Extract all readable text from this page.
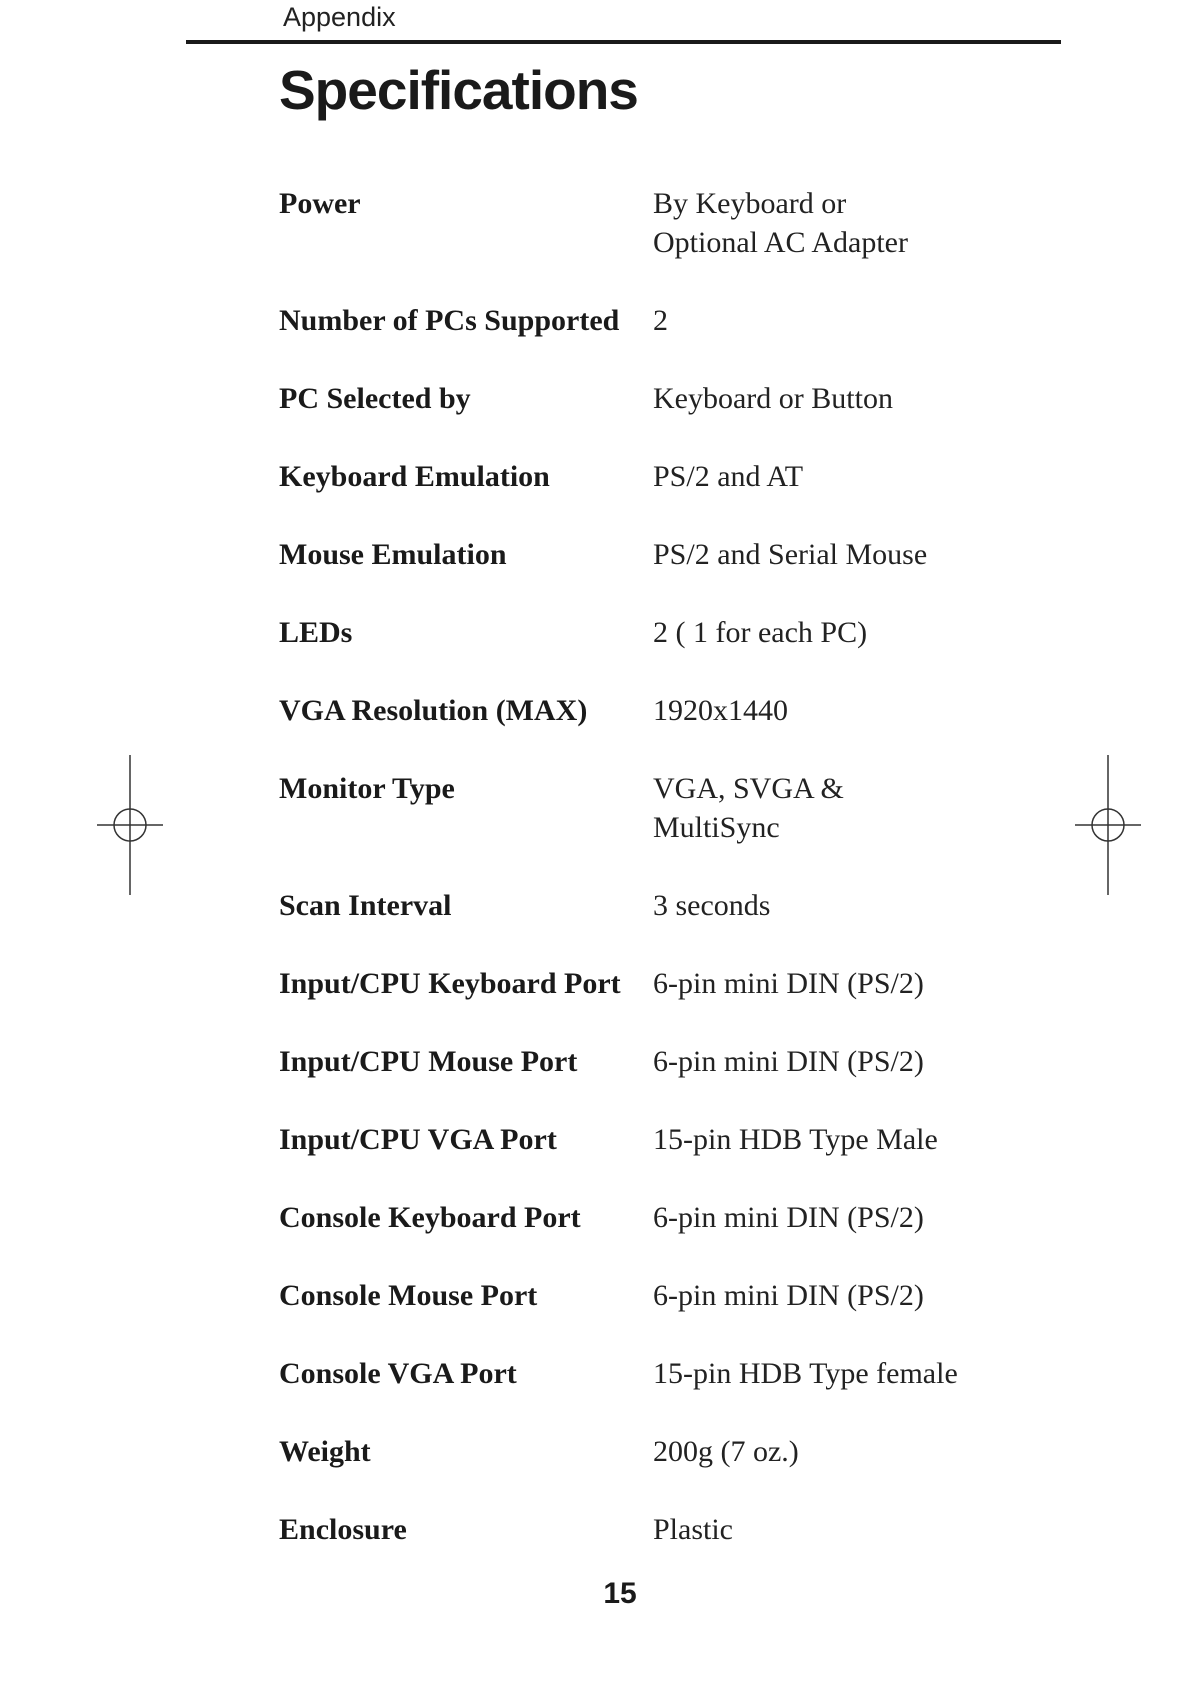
Appendix
Specifications
Power	By Keyboard or
Optional AC Adapter
Number of PCs Supported 2
PC Selected by	Keyboard or Button
Keyboard Emulation	PS/2 and AT
Mouse Emulation	PS/2 and Serial Mouse
LEDs	2 ( 1 for each PC)
VGA Resolution (MAX) 1920x1440
Monitor Type	VGA, SVGA &
MultiSync
Scan Interval	3 seconds
Input/CPU Keyboard Port 6-pin mini DIN (PS/2)
Input/CPU Mouse Port	6-pin mini DIN (PS/2)
Input/CPU VGA Port	15-pin HDB Type Male
Console Keyboard Port 6-pin mini DIN (PS/2)
Console Mouse Port	6-pin mini DIN (PS/2)
Console VGA Port	15-pin HDB Type female
Weight	200g (7 oz.)
Enclosure	Plastic
15
